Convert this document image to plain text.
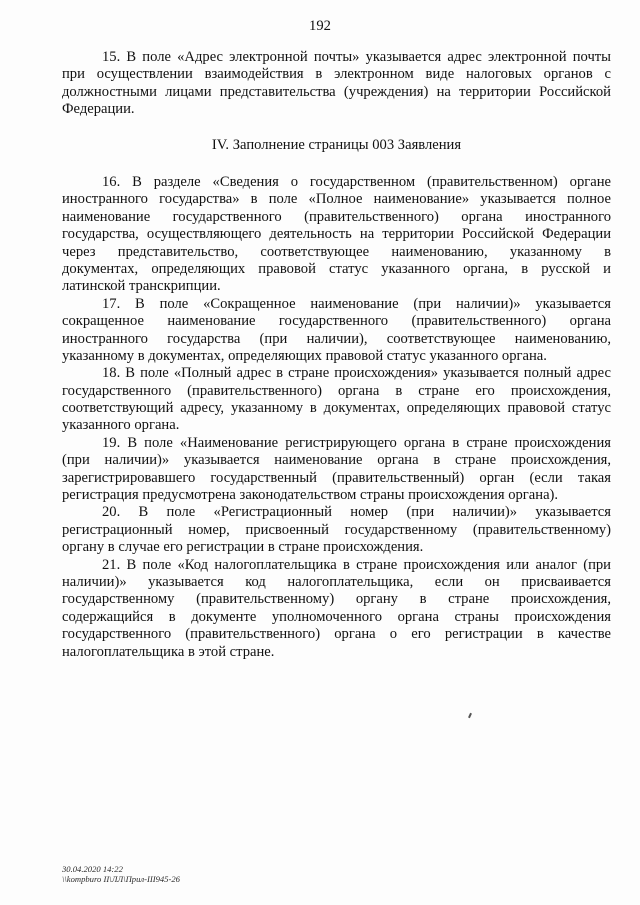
192
15. В поле «Адрес электронной почты» указывается адрес электронной почты
при осуществлении взаимодействия в электронном виде налоговых органов с
должностными лицами представительства (учреждения) на территории Российской
Федерации.
IV. Заполнение страницы 003 Заявления
16. В разделе «Сведения о государственном (правительственном) органе
иностранного государства» в поле «Полное наименование» указывается полное
наименование государственного (правительственного) органа иностранного
государства, осуществляющего деятельность на территории Российской Федерации
через представительство, соответствующее наименованию, указанному в
документах, определяющих правовой статус указанного органа, в русской и
латинской транскрипции.
17. В поле «Сокращенное наименование (при наличии)» указывается
сокращенное наименование государственного (правительственного) органа
иностранного государства (при наличии), соответствующее наименованию,
указанному в документах, определяющих правовой статус указанного органа.
18. В поле «Полный адрес в стране происхождения» указывается полный адрес
государственного (правительственного) органа в стране его происхождения,
соответствующий адресу, указанному в документах, определяющих правовой статус
указанного органа.
19. В поле «Наименование регистрирующего органа в стране происхождения
(при наличии)» указывается наименование органа в стране происхождения,
зарегистрировавшего государственный (правительственный) орган (если такая
регистрация предусмотрена законодательством страны происхождения органа).
20. В поле «Регистрационный номер (при наличии)» указывается
регистрационный номер, присвоенный государственному (правительственному)
органу в случае его регистрации в стране происхождения.
21. В поле «Код налогоплательщика в стране происхождения или аналог (при
наличии)» указывается код налогоплательщика, если он присваивается
государственному (правительственному) органу в стране происхождения,
содержащийся в документе уполномоченного органа страны происхождения
государственного (правительственного) органа о его регистрации в качестве
налогоплательщика в этой стране.
30.04.2020 14:22
\\kompburo II\ЛЛ\Прил-III945-26
